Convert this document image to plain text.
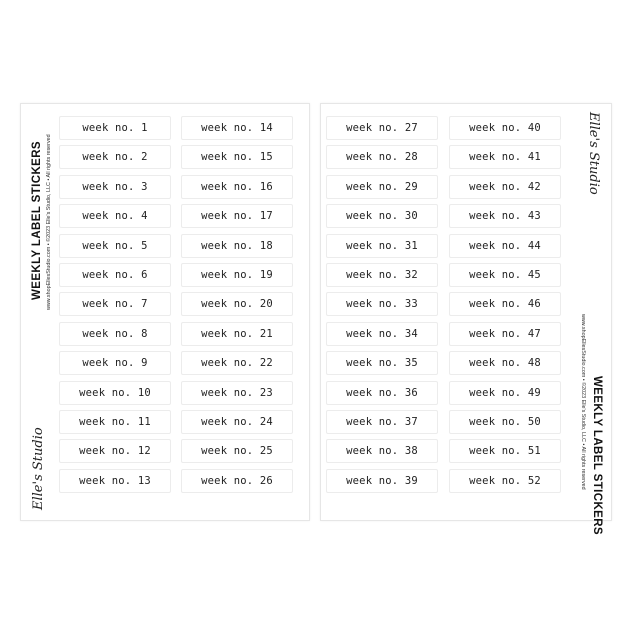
WEEKLY LABEL STICKERS www.shopEllesStudio.com • ©2023 Elle's Studio, LLC • All rights reserved
Elle's Studio
week no. 1
week no. 2
week no. 3
week no. 4
week no. 5
week no. 6
week no. 7
week no. 8
week no. 9
week no. 10
week no. 11
week no. 12
week no. 13
week no. 14
week no. 15
week no. 16
week no. 17
week no. 18
week no. 19
week no. 20
week no. 21
week no. 22
week no. 23
week no. 24
week no. 25
week no. 26
week no. 27
week no. 28
week no. 29
week no. 30
week no. 31
week no. 32
week no. 33
week no. 34
week no. 35
week no. 36
week no. 37
week no. 38
week no. 39
week no. 40
week no. 41
week no. 42
week no. 43
week no. 44
week no. 45
week no. 46
week no. 47
week no. 48
week no. 49
week no. 50
week no. 51
week no. 52
Elle's Studio
WEEKLY LABEL STICKERS
www.shopEllesStudio.com • ©2023 Elle's Studio, LLC • All rights reserved
